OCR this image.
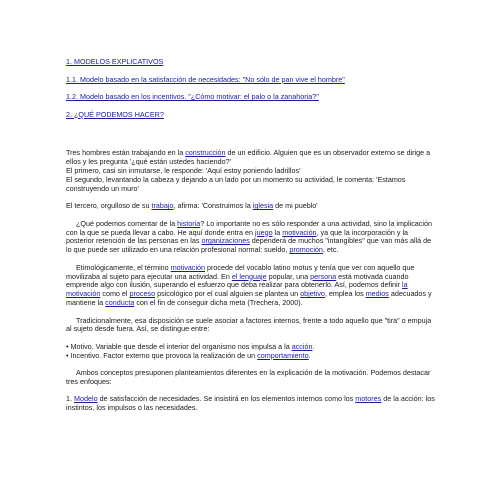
1. MODELOS EXPLICATIVOS
1.1. Modelo basado en la satisfacción de necesidades: "No sólo de pan vive el hombre"
1.2. Modelo basado en los incentivos. "¿Cómo motivar: el palo o la zanahoria?"
2. ¿QUÉ PODEMOS HACER?

Tres hombres están trabajando en la construcción de un edificio. Alguien que es un observador externo se dirige a ellos y les pregunta '¿qué están ustedes haciendo?'
El primero, casi sin inmutarse, le responde: 'Aquí estoy poniendo ladrillos'
El segundo, levantando la cabeza y dejando a un lado por un momento su actividad, le comenta: 'Estamos construyendo un muro'

El tercero, orgulloso de su trabajo, afirma: 'Construimos la iglesia de mi pueblo'

¿Qué podemos comentar de la historia? Lo importante no es sólo responder a una actividad, sino la implicación con la que se pueda llevar a cabo. He aquí donde entra en juego la motivación, ya que la incorporación y la posterior retención de las personas en las organizaciones dependerá de muchos "intangibles" que van más allá de lo que puede ser utilizado en una relación profesional normal: sueldo, promoción, etc.

Etimológicamente, el término motivación procede del vocablo latino motus y tenía que ver con aquello que movilizaba al sujeto para ejecutar una actividad. En el lenguaje popular, una persona está motivada cuando emprende algo con ilusión, superando el esfuerzo que deba realizar para obtenerlo. Así, podemos definir la motivación como el proceso psicológico por el cual alguien se plantea un objetivo, emplea los medios adecuados y mantiene la conducta con el fin de conseguir dicha meta (Trechera, 2000).

Tradicionalmente, esa disposición se suele asociar a factores internos, frente a todo aquello que "tira" o empuja al sujeto desde fuera. Así, se distingue entre:

• Motivo. Variable que desde el interior del organismo nos impulsa a la acción.
• Incentivo. Factor externo que provoca la realización de un comportamiento.

Ambos conceptos presuponen planteamientos diferentes en la explicación de la motivación. Podemos destacar tres enfoques:

1. Modelo de satisfacción de necesidades. Se insistirá en los elementos internos como los motores de la acción: los instintos, los impulsos o las necesidades.
